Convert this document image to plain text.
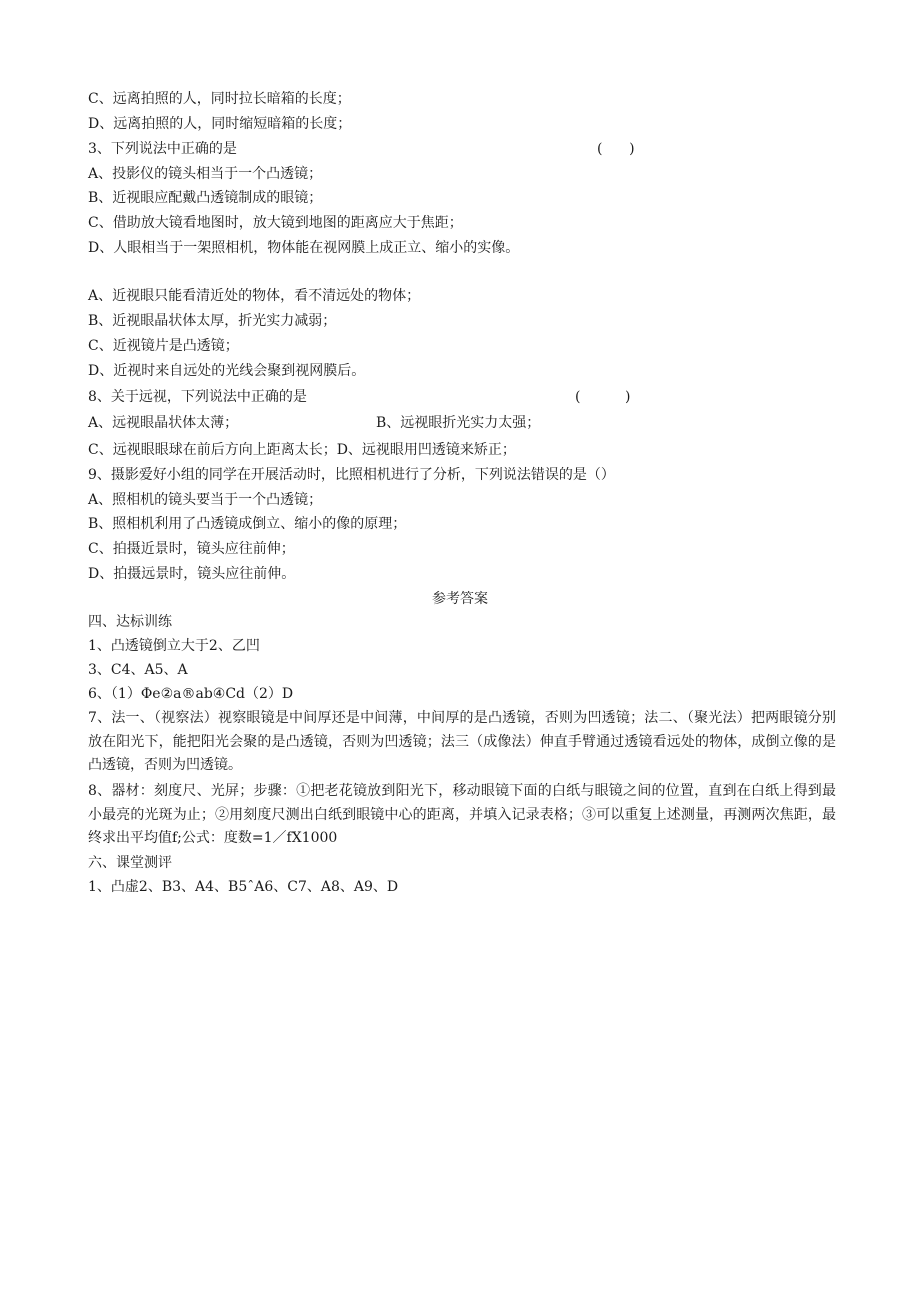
C、远离拍照的人，同时拉长暗箱的长度；
D、远离拍照的人，同时缩短暗箱的长度；
3、下列说法中正确的是	(      )
A、投影仪的镜头相当于一个凸透镜；
B、近视眼应配戴凸透镜制成的眼镜；
C、借助放大镜看地图时，放大镜到地图的距离应大于焦距；
D、人眼相当于一架照相机，物体能在视网膜上成正立、缩小的实像。
A、近视眼只能看清近处的物体，看不清远处的物体；
B、近视眼晶状体太厚，折光实力减弱；
C、近视镜片是凸透镜；
D、近视时来自远处的光线会聚到视网膜后。
8、关于远视，下列说法中正确的是	(          )
A、远视眼晶状体太薄；	B、远视眼折光实力太强；
C、远视眼眼球在前后方向上距离太长；D、远视眼用凹透镜来矫正；
9、摄影爱好小组的同学在开展活动时，比照相机进行了分析，下列说法错误的是（）
A、照相机的镜头要当于一个凸透镜；
B、照相机利用了凸透镜成倒立、缩小的像的原理；
C、拍摄近景时，镜头应往前伸；
D、拍摄远景时，镜头应往前伸。
参考答案
四、达标训练
1、凸透镜倒立大于2、乙凹
3、C4、A5、A
6、（1）Φe②a®ab④Cd（2）D
7、法一、（视察法）视察眼镜是中间厚还是中间薄，中间厚的是凸透镜，否则为凹透镜；法二、（聚光法）把两眼镜分别放在阳光下，能把阳光会聚的是凸透镜，否则为凹透镜；法三（成像法）伸直手臂通过透镜看远处的物体，成倒立像的是凸透镜，否则为凹透镜。
8、器材：刻度尺、光屏；步骤：①把老花镜放到阳光下，移动眼镜下面的白纸与眼镜之间的位置，直到在白纸上得到最小最亮的光斑为止；②用刻度尺测出白纸到眼镜中心的距离，并填入记录表格；③可以重复上述测量，再测两次焦距，最终求出平均值f;公式：度数=1／fX1000
六、课堂测评
1、凸虚2、B3、A4、B5ˆA6、C7、A8、A9、D
